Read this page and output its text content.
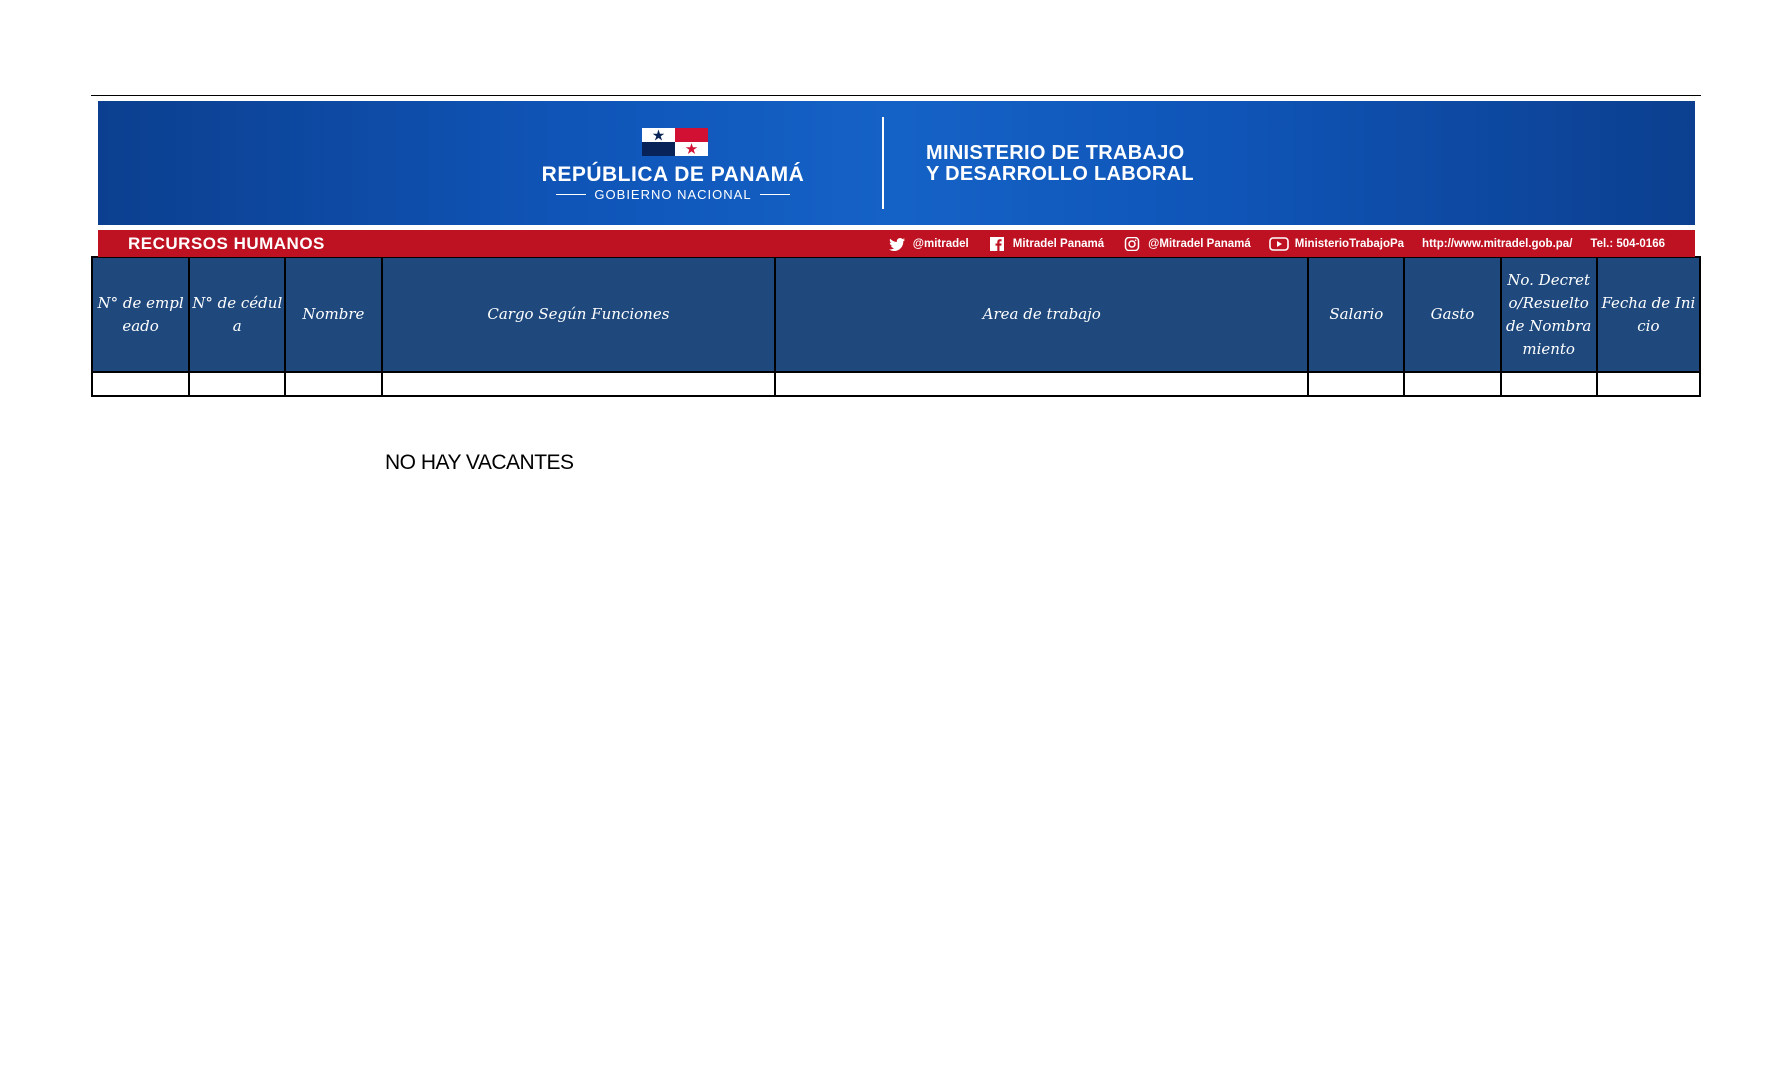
REPÚBLICA DE PANAMÁ
GOBIERNO NACIONAL
MINISTERIO DE TRABAJO
Y DESARROLLO LABORAL
RECURSOS HUMANOS	@mitradel	Mitradel Panamá	@Mitradel Panamá	MinisterioTrabajoPa http://www.mitradel.gob.pa/ Tel.: 504-0166
N° de empleado	N° de cédula	Nombre	Cargo Según Funciones	Area de trabajo	Salario	Gasto	No. Decreto/Resuelto de Nombramiento	Fecha de Inicio

NO HAY VACANTES
